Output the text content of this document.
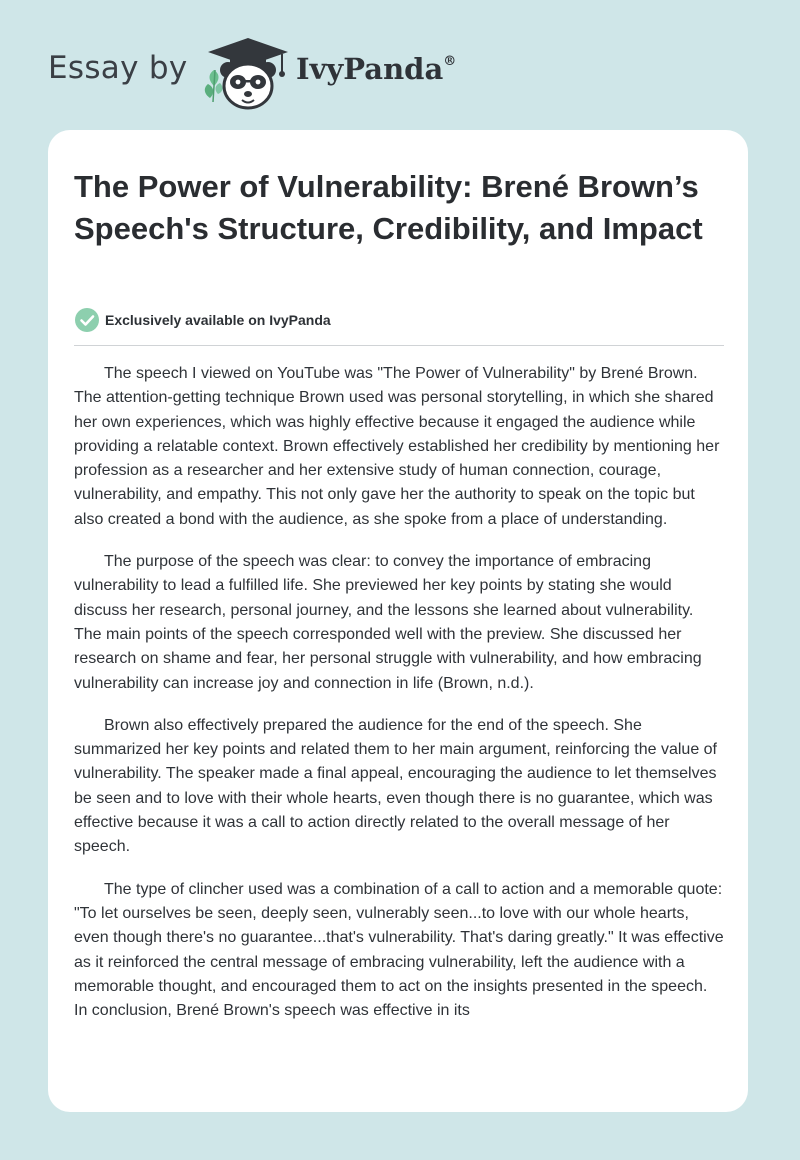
Essay by	IvyPanda®
The Power of Vulnerability: Brené Brown’s Speech's Structure, Credibility, and Impact
Exclusively available on IvyPanda

The speech I viewed on YouTube was "The Power of Vulnerability" by Brené Brown. The attention-getting technique Brown used was personal storytelling, in which she shared her own experiences, which was highly effective because it engaged the audience while providing a relatable context. Brown effectively established her credibility by mentioning her profession as a researcher and her extensive study of human connection, courage, vulnerability, and empathy. This not only gave her the authority to speak on the topic but also created a bond with the audience, as she spoke from a place of understanding.

The purpose of the speech was clear: to convey the importance of embracing vulnerability to lead a fulfilled life. She previewed her key points by stating she would discuss her research, personal journey, and the lessons she learned about vulnerability. The main points of the speech corresponded well with the preview. She discussed her research on shame and fear, her personal struggle with vulnerability, and how embracing vulnerability can increase joy and connection in life (Brown, n.d.).

Brown also effectively prepared the audience for the end of the speech. She summarized her key points and related them to her main argument, reinforcing the value of vulnerability. The speaker made a final appeal, encouraging the audience to let themselves be seen and to love with their whole hearts, even though there is no guarantee, which was effective because it was a call to action directly related to the overall message of her speech.

The type of clincher used was a combination of a call to action and a memorable quote: "To let ourselves be seen, deeply seen, vulnerably seen...to love with our whole hearts, even though there's no guarantee...that's vulnerability. That's daring greatly." It was effective as it reinforced the central message of embracing vulnerability, left the audience with a memorable thought, and encouraged them to act on the insights presented in the speech. In conclusion, Brené Brown's speech was effective in its
